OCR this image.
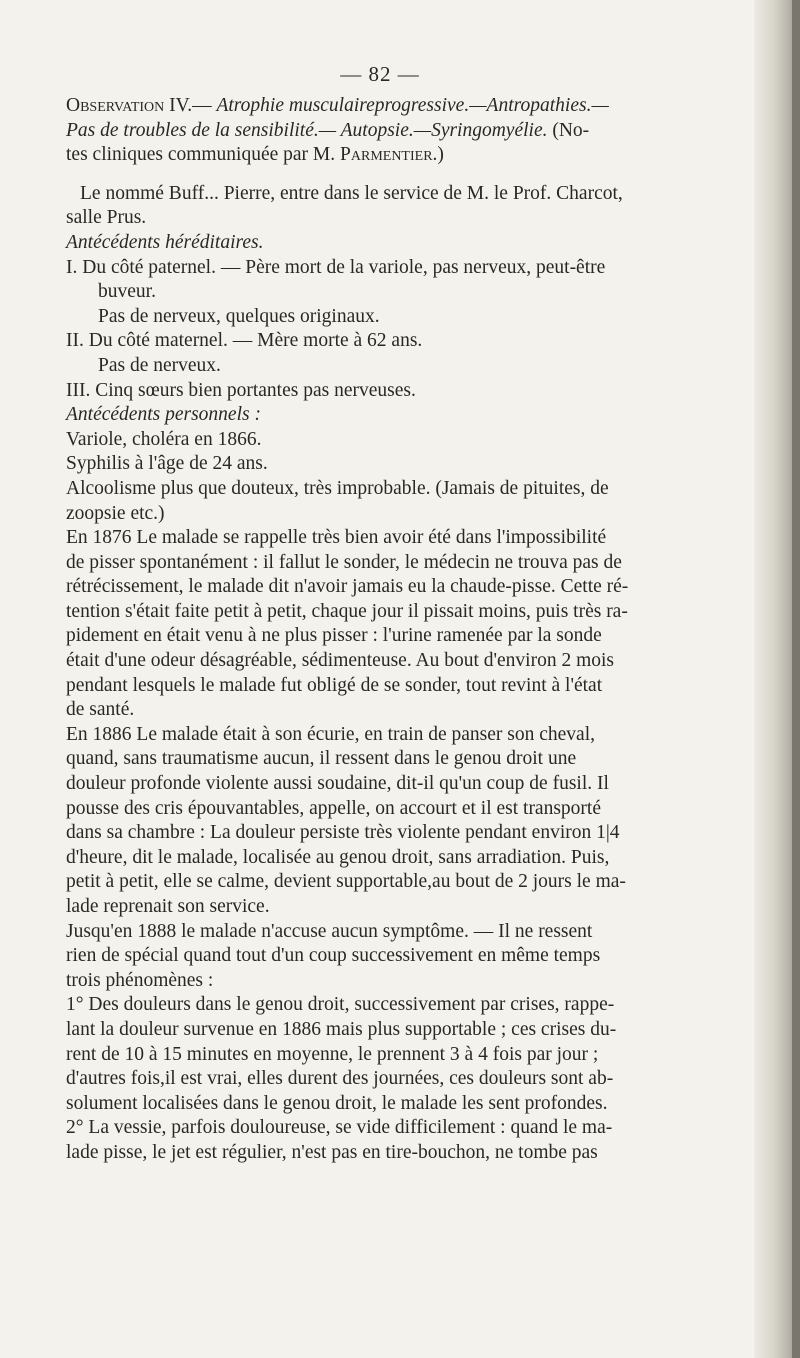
— 82 —
Observation IV.— Atrophie musculaireprogressive.—Antropathies.—
Pas de troubles de la sensibilité.— Autopsie.—Syringomyélie. (No-
tes cliniques communiquée par M. Parmentier.)
Le nommé Buff... Pierre, entre dans le service de M. le Prof. Charcot,
salle Prus.
Antécédents héréditaires.
I. Du côté paternel. — Père mort de la variole, pas nerveux, peut-être
buveur.
Pas de nerveux, quelques originaux.
II. Du côté maternel. — Mère morte à 62 ans.
Pas de nerveux.
III. Cinq sœurs bien portantes pas nerveuses.
Antécédents personnels :
Variole, choléra en 1866.
Syphilis à l'âge de 24 ans.
Alcoolisme plus que douteux, très improbable. (Jamais de pituites, de
zoopsie etc.)
En 1876 Le malade se rappelle très bien avoir été dans l'impossibilité
de pisser spontanément : il fallut le sonder, le médecin ne trouva pas de
rétrécissement, le malade dit n'avoir jamais eu la chaude-pisse. Cette ré-
tention s'était faite petit à petit, chaque jour il pissait moins, puis très ra-
pidement en était venu à ne plus pisser : l'urine ramenée par la sonde
était d'une odeur désagréable, sédimenteuse. Au bout d'environ 2 mois
pendant lesquels le malade fut obligé de se sonder, tout revint à l'état
de santé.
En 1886 Le malade était à son écurie, en train de panser son cheval,
quand, sans traumatisme aucun, il ressent dans le genou droit une
douleur profonde violente aussi soudaine, dit-il qu'un coup de fusil. Il
pousse des cris épouvantables, appelle, on accourt et il est transporté
dans sa chambre : La douleur persiste très violente pendant environ 1|4
d'heure, dit le malade, localisée au genou droit, sans arradiation. Puis,
petit à petit, elle se calme, devient supportable,au bout de 2 jours le ma-
lade reprenait son service.
Jusqu'en 1888 le malade n'accuse aucun symptôme. — Il ne ressent
rien de spécial quand tout d'un coup successivement en même temps
trois phénomènes :
1° Des douleurs dans le genou droit, successivement par crises, rappe-
lant la douleur survenue en 1886 mais plus supportable ; ces crises du-
rent de 10 à 15 minutes en moyenne, le prennent 3 à 4 fois par jour ;
d'autres fois,il est vrai, elles durent des journées, ces douleurs sont ab-
solument localisées dans le genou droit, le malade les sent profondes.
2° La vessie, parfois douloureuse, se vide difficilement : quand le ma-
lade pisse, le jet est régulier, n'est pas en tire-bouchon, ne tombe pas
